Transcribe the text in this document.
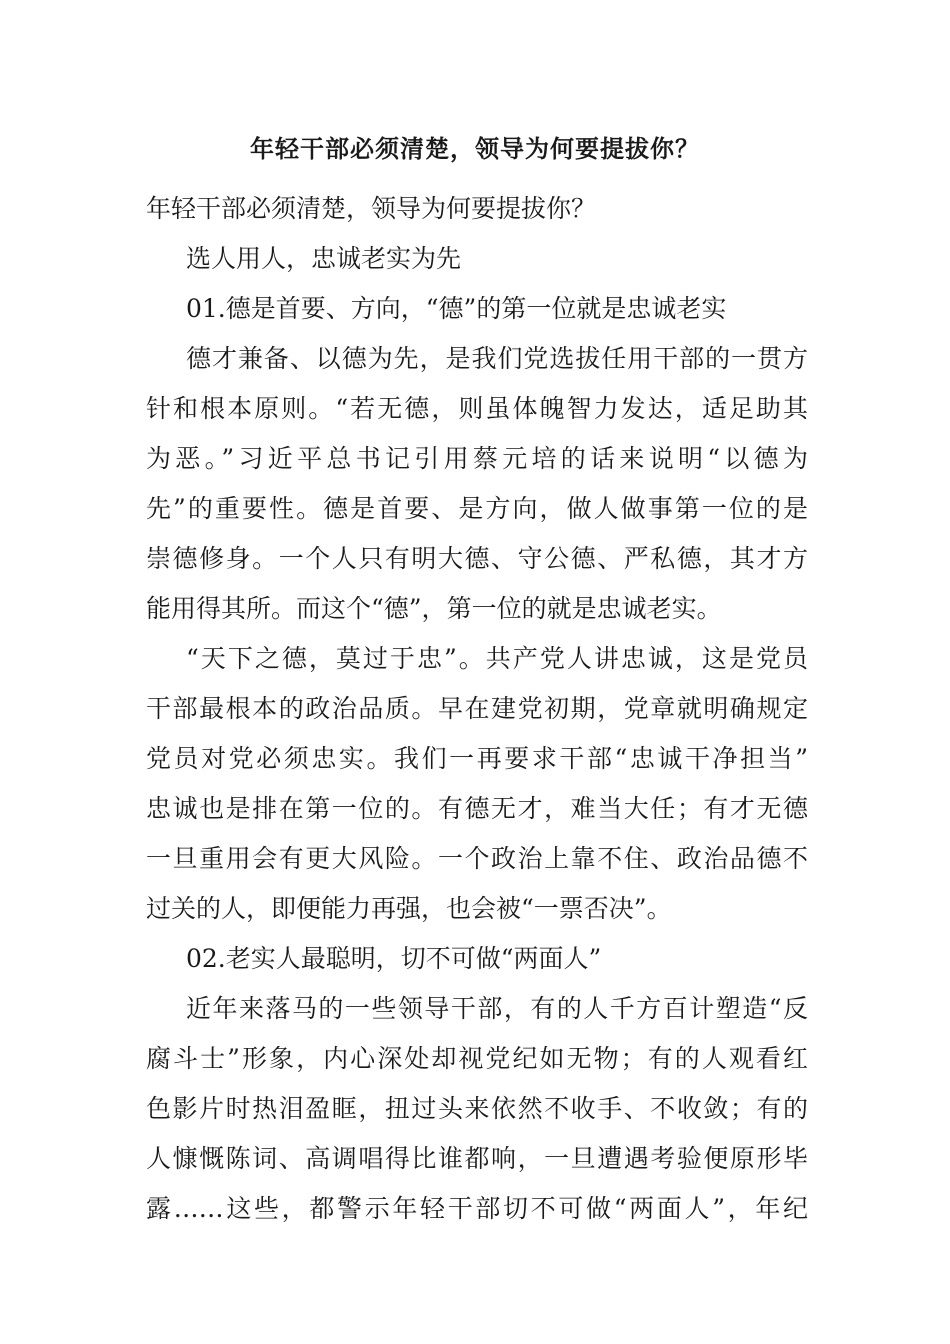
年轻干部必须清楚，领导为何要提拔你？

年轻干部必须清楚，领导为何要提拔你？

选人用人，忠诚老实为先

01.德是首要、方向，“德”的第一位就是忠诚老实

德才兼备、以德为先，是我们党选拔任用干部的一贯方

针和根本原则。“若无德，则虽体魄智力发达，适足助其

为恶。”习近平总书记引用蔡元培的话来说明“以德为

先”的重要性。德是首要、是方向，做人做事第一位的是

崇德修身。一个人只有明大德、守公德、严私德，其才方

能用得其所。而这个“德”，第一位的就是忠诚老实。

“天下之德，莫过于忠”。共产党人讲忠诚，这是党员

干部最根本的政治品质。早在建党初期，党章就明确规定

党员对党必须忠实。我们一再要求干部“忠诚干净担当”

忠诚也是排在第一位的。有德无才，难当大任；有才无德

一旦重用会有更大风险。一个政治上靠不住、政治品德不

过关的人，即便能力再强，也会被“一票否决”。

02.老实人最聪明，切不可做“两面人”

近年来落马的一些领导干部，有的人千方百计塑造“反

腐斗士”形象，内心深处却视党纪如无物；有的人观看红

色影片时热泪盈眶，扭过头来依然不收手、不收敛；有的

人慷慨陈词、高调唱得比谁都响，一旦遭遇考验便原形毕

露……这些，都警示年轻干部切不可做“两面人”，年纪
